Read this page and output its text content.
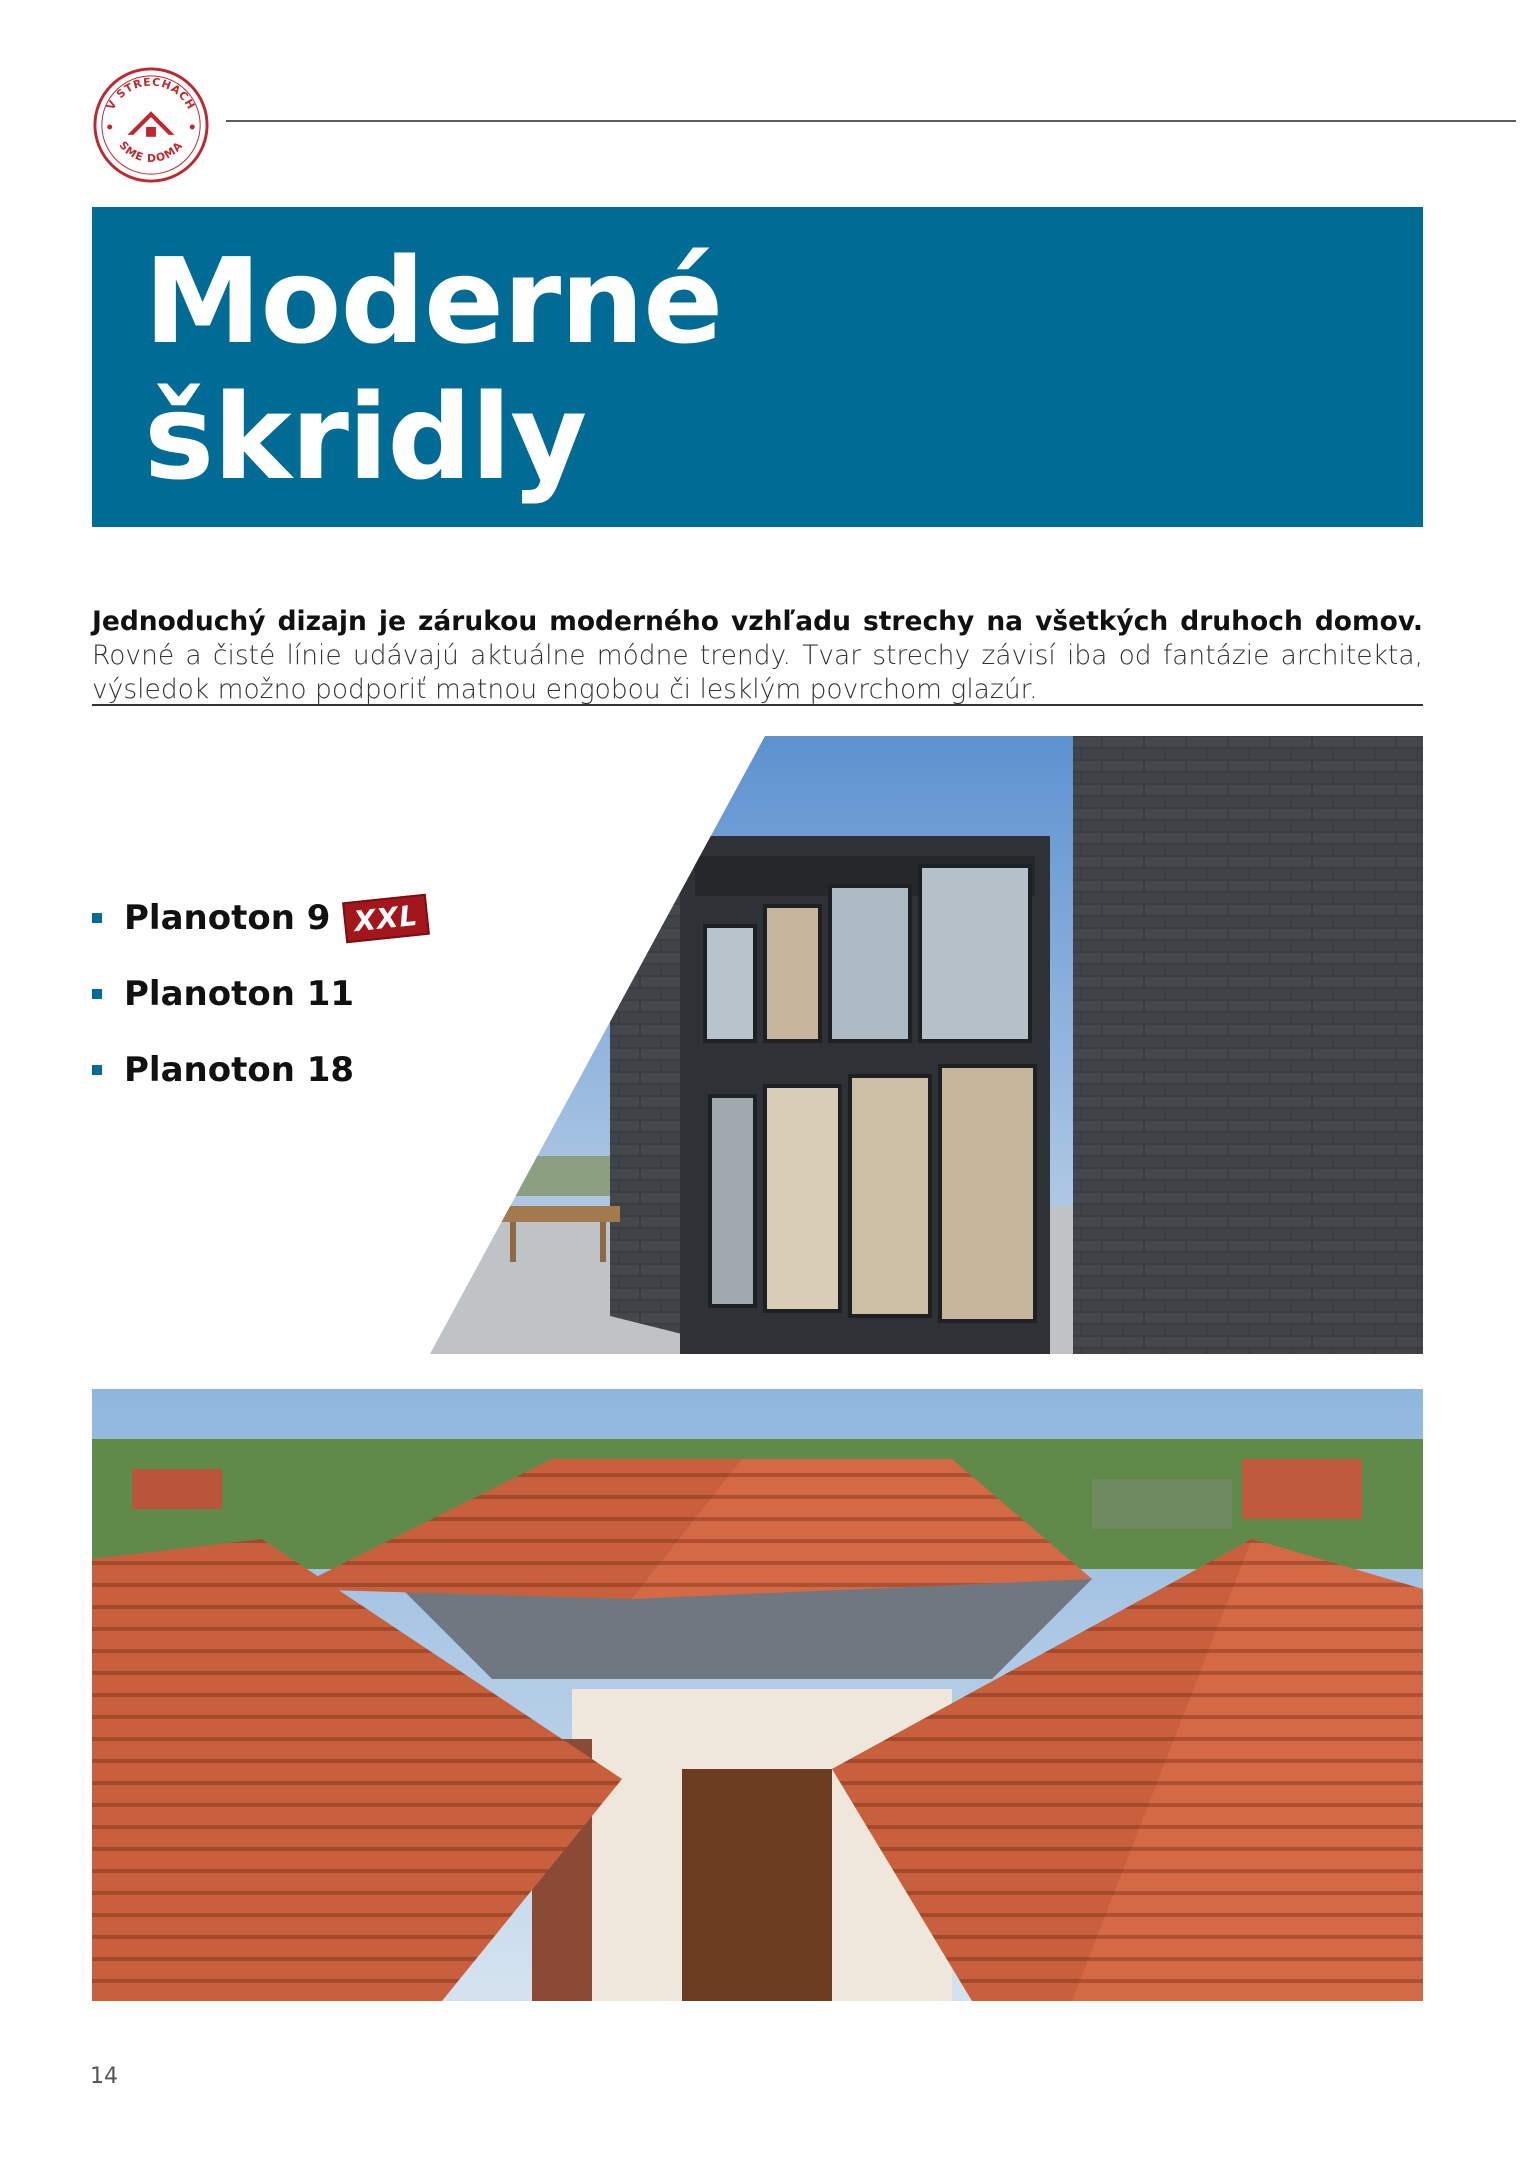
V STRECHÁCH
SME DOMA
Moderné
škridly

Jednoduchý dizajn je zárukou moderného vzhľadu strechy na všetkých druhoch domov. Rovné a čisté línie udávajú aktuálne módne trendy. Tvar strechy závisí iba od fantázie architekta, výsledok možno podporiť matnou engobou či lesklým povrchom glazúr.

Planoton 9 XXL
Planoton 11
Planoton 18
14
